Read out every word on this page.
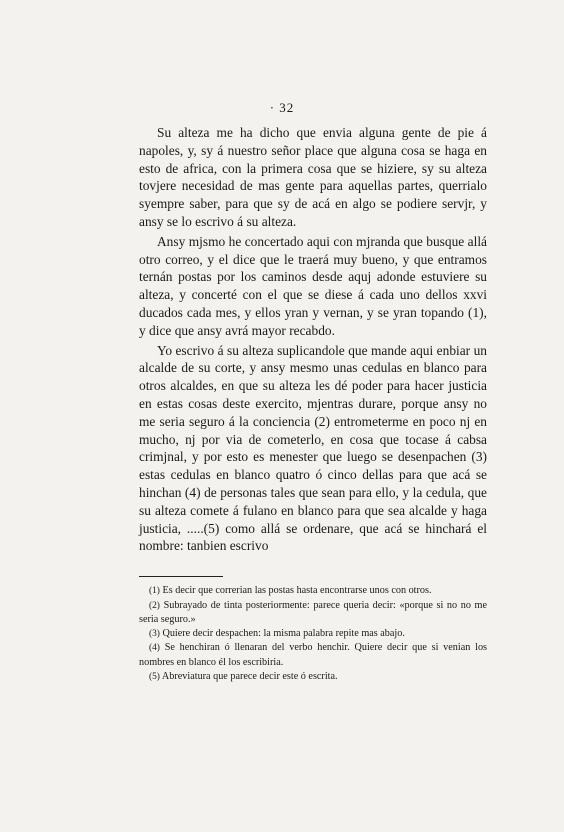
· 32

Su alteza me ha dicho que envia alguna gente de pie á napoles, y, sy á nuestro señor place que alguna cosa se haga en esto de africa, con la primera cosa que se hiziere, sy su alteza tovjere necesidad de mas gente para aquellas partes, querrialo syempre saber, para que sy de acá en algo se podiere servjr, y ansy se lo escrivo á su alteza.

Ansy mjsmo he concertado aqui con mjranda que busque allá otro correo, y el dice que le traerá muy bueno, y que entramos ternán postas por los caminos desde aquj adonde estuviere su alteza, y concerté con el que se diese á cada uno dellos xxvi ducados cada mes, y ellos yran y vernan, y se yran topando (1), y dice que ansy avrá mayor recabdo.

Yo escrivo á su alteza suplicandole que mande aqui enbiar un alcalde de su corte, y ansy mesmo unas cedulas en blanco para otros alcaldes, en que su alteza les dé poder para hacer justicia en estas cosas deste exercito, mjentras durare, porque ansy no me seria seguro á la conciencia (2) entrometerme en poco nj en mucho, nj por via de cometerlo, en cosa que tocase á cabsa crimjnal, y por esto es menester que luego se desenpachen (3) estas cedulas en blanco quatro ó cinco dellas para que acá se hinchan (4) de personas tales que sean para ello, y la cedula, que su alteza comete á fulano en blanco para que sea alcalde y haga justicia, .....(5) como allá se ordenare, que acá se hinchará el nombre: tanbien escrivo

(1) Es decir que correrian las postas hasta encontrarse unos con otros.

(2) Subrayado de tinta posteriormente: parece queria decir: «porque si no no me seria seguro.»

(3) Quiere decir despachen: la misma palabra repite mas abajo.

(4) Se henchiran ó llenaran del verbo henchir. Quiere decir que si venian los nombres en blanco él los escribiria.

(5) Abreviatura que parece decir este ó escrita.
